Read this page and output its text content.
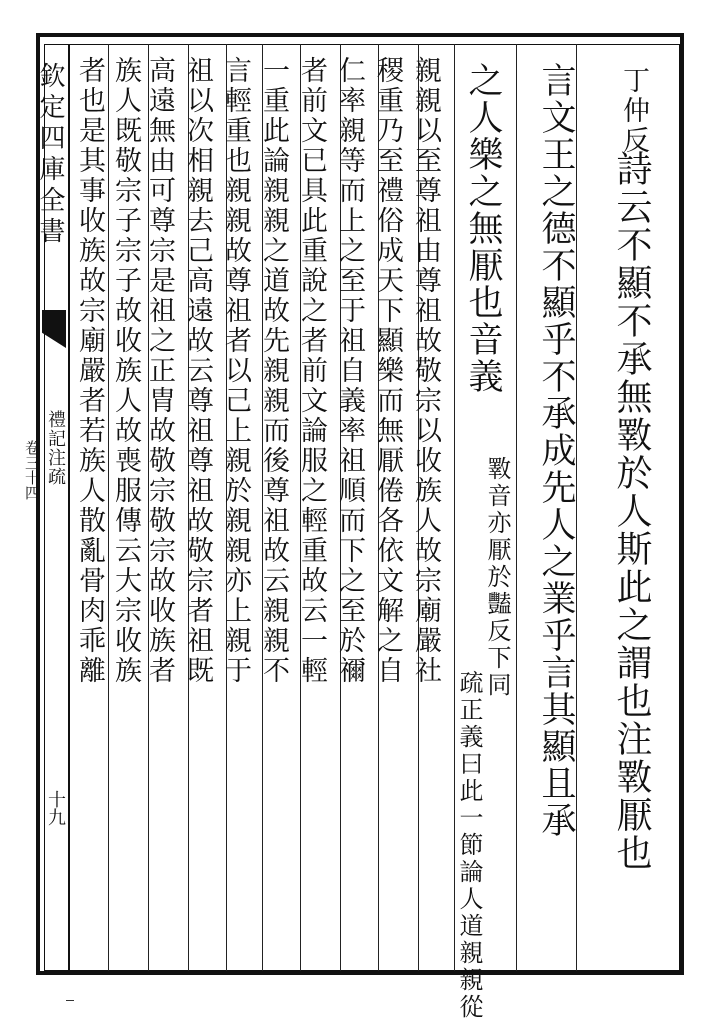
欽定四庫全書
禮記注疏
卷三十四
十九
丁仲反
詩云不顯不承無斁於人斯此之謂也注斁厭也
言文王之德不顯乎不承成先人之業乎言其顯且承
之人樂之無厭也音義
斁音亦厭於豔反下同
疏正義曰此一節論人道親親從
親親以至尊祖由尊祖故敬宗以收族人故宗廟嚴社
稷重乃至禮俗成天下顯樂而無厭倦各依文解之自
仁率親等而上之至于祖自義率祖順而下之至於禰
者前文已具此重說之者前文論服之輕重故云一輕
一重此論親親之道故先親親而後尊祖故云親親不
言輕重也親親故尊祖者以己上親於親親亦上親于
祖以次相親去己高遠故云尊祖尊祖故敬宗者祖既
高遠無由可尊宗是祖之正胄故敬宗敬宗故收族者
族人既敬宗子宗子故收族人故喪服傳云大宗收族
者也是其事收族故宗廟嚴者若族人散亂骨肉乖離
